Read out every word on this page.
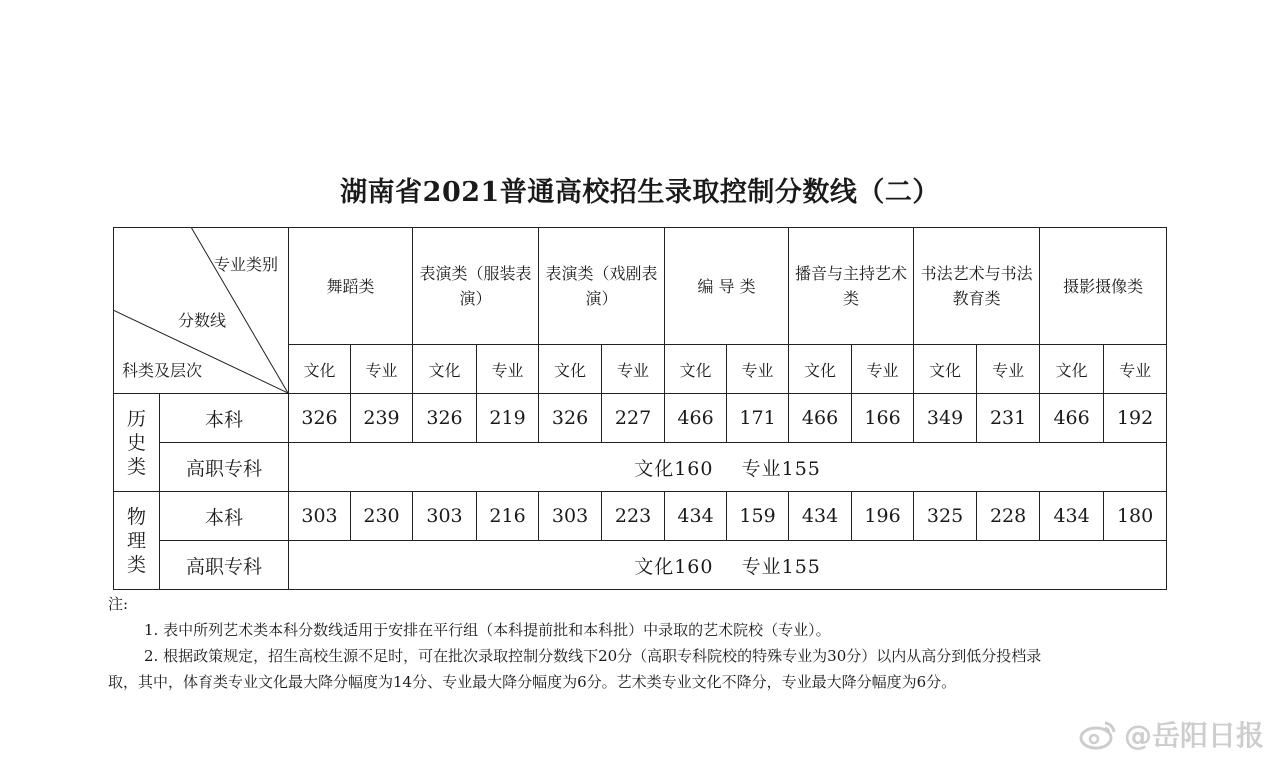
湖南省2021普通高校招生录取控制分数线（二）
专业类别
分数线
科类及层次		舞蹈类		表演类（服装表演）		表演类（戏剧表演）		编 导 类		播音与主持艺术类		书法艺术与书法教育类		摄影摄像类	
		文化	专业	文化	专业	文化	专业	文化	专业	文化	专业	文化	专业	文化	专业
历
史
类	本科	326	239	326	219	326	227	466	171	466	166	349	231	466	192
	高职专科	文化160 专业155													
物
理
类	本科	303	230	303	216	303	223	434	159	434	196	325	228	434	180
	高职专科	文化160 专业155													
注:
1. 表中所列艺术类本科分数线适用于安排在平行组（本科提前批和本科批）中录取的艺术院校（专业）。
2. 根据政策规定，招生高校生源不足时，可在批次录取控制分数线下20分（高职专科院校的特殊专业为30分）以内从高分到低分投档录
取，其中，体育类专业文化最大降分幅度为14分、专业最大降分幅度为6分。艺术类专业文化不降分，专业最大降分幅度为6分。
@岳阳日报
